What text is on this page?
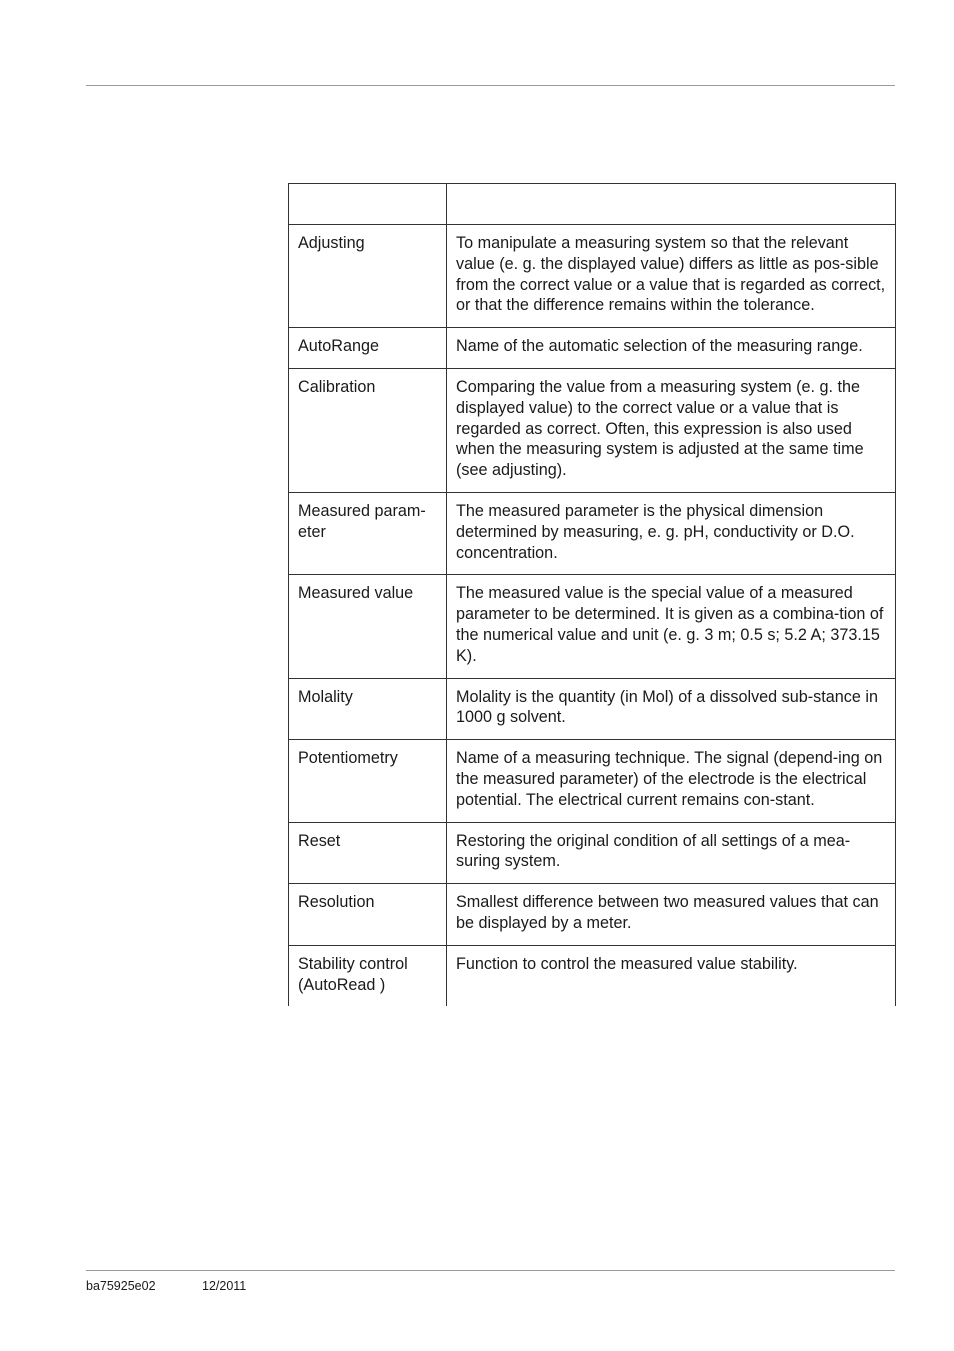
Adjusting	To manipulate a measuring system so that the relevant value (e. g. the displayed value) differs as little as pos-sible from the correct value or a value that is regarded as correct, or that the difference remains within the tolerance.
AutoRange	Name of the automatic selection of the measuring range.
Calibration	Comparing the value from a measuring system (e. g. the displayed value) to the correct value or a value that is regarded as correct. Often, this expression is also used when the measuring system is adjusted at the same time (see adjusting).
Measured param-eter	The measured parameter is the physical dimension determined by measuring, e. g. pH, conductivity or D.O. concentration.
Measured value	The measured value is the special value of a measured parameter to be determined. It is given as a combina-tion of the numerical value and unit (e. g. 3 m; 0.5 s; 5.2 A; 373.15 K).
Molality	Molality is the quantity (in Mol) of a dissolved sub-stance in 1000 g solvent.
Potentiometry	Name of a measuring technique. The signal (depend-ing on the measured parameter) of the electrode is the electrical potential. The electrical current remains con-stant.
Reset	Restoring the original condition of all settings of a mea-suring system.
Resolution	Smallest difference between two measured values that can be displayed by a meter.
Stability control (AutoRead )	Function to control the measured value stability.
ba75925e02	12/2011
